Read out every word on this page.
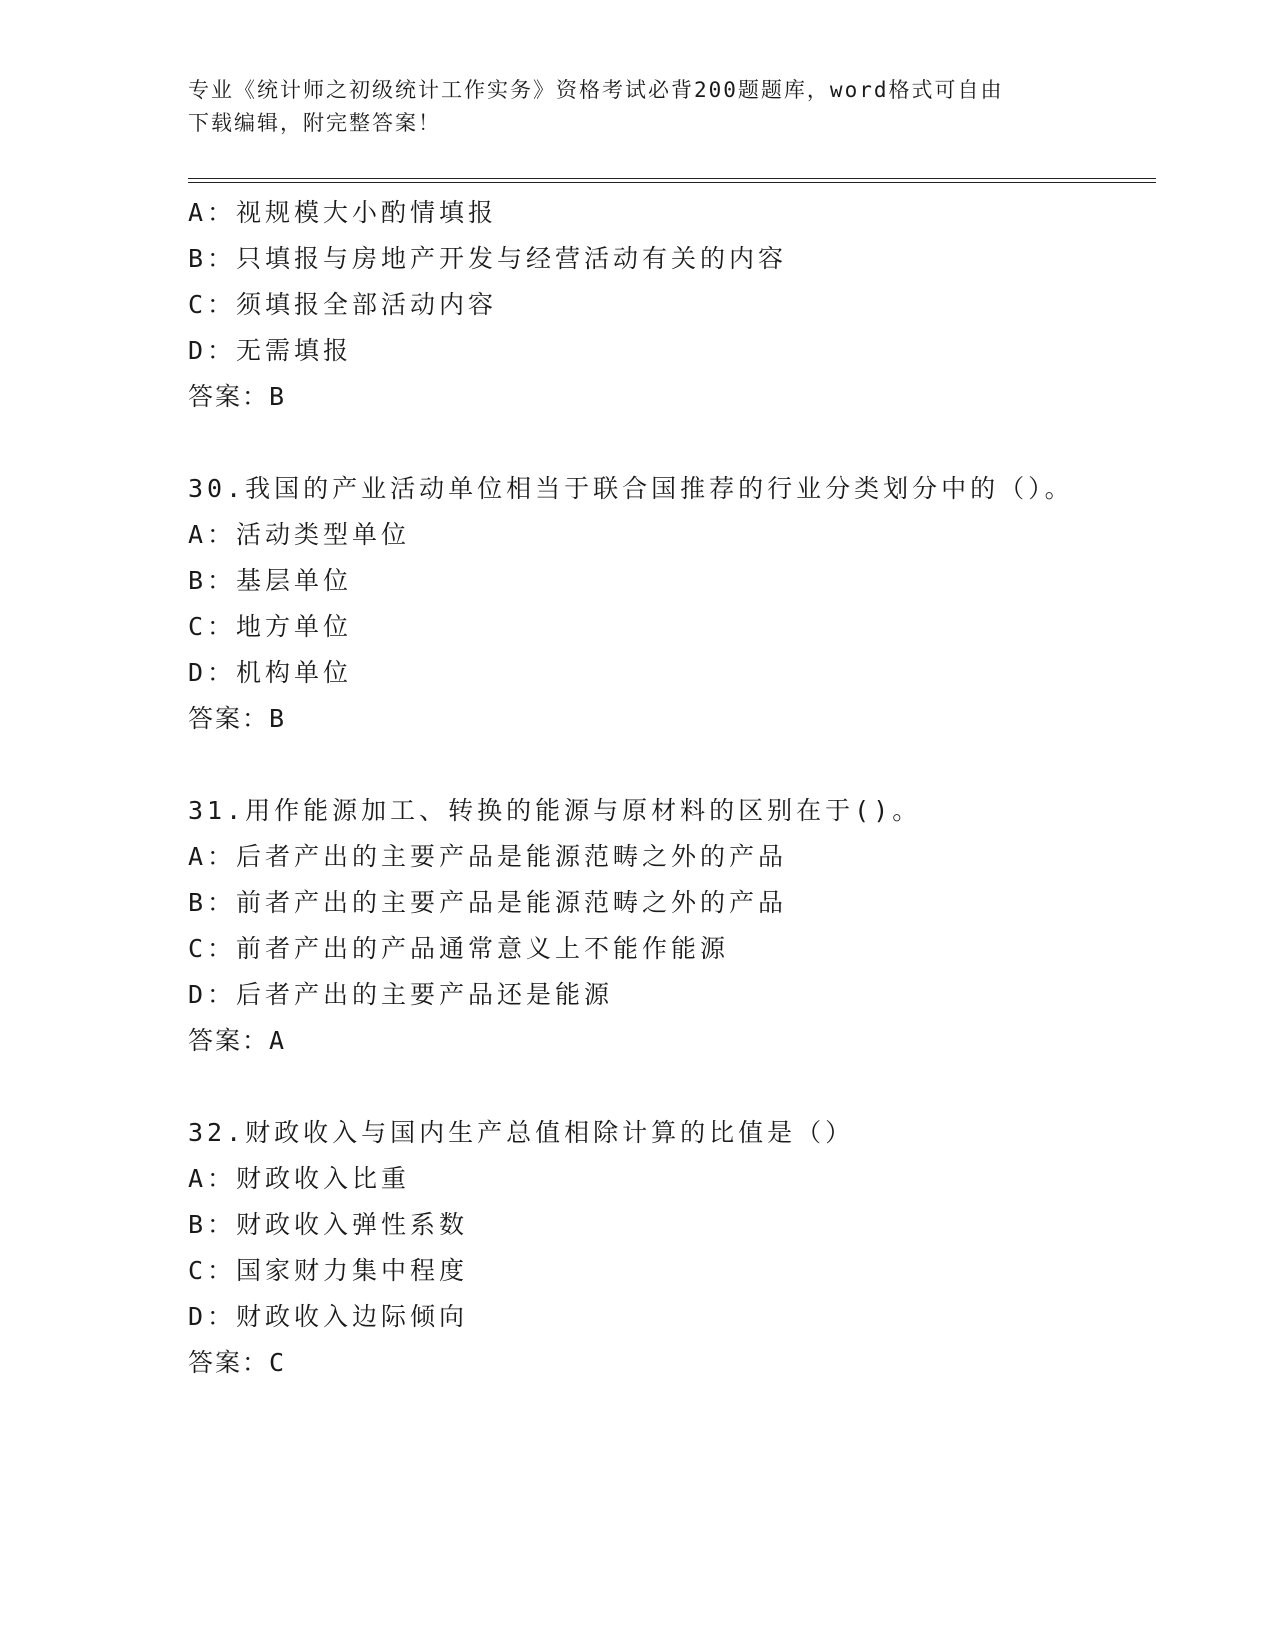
专业《统计师之初级统计工作实务》资格考试必背200题题库，word格式可自由
下载编辑，附完整答案！
A：视规模大小酌情填报
B：只填报与房地产开发与经营活动有关的内容
C：须填报全部活动内容
D：无需填报
答案：B
30.我国的产业活动单位相当于联合国推荐的行业分类划分中的（）。
A：活动类型单位
B：基层单位
C：地方单位
D：机构单位
答案：B
31.用作能源加工、转换的能源与原材料的区别在于()。
A：后者产出的主要产品是能源范畴之外的产品
B：前者产出的主要产品是能源范畴之外的产品
C：前者产出的产品通常意义上不能作能源
D：后者产出的主要产品还是能源
答案：A
32.财政收入与国内生产总值相除计算的比值是（）
A：财政收入比重
B：财政收入弹性系数
C：国家财力集中程度
D：财政收入边际倾向
答案：C
